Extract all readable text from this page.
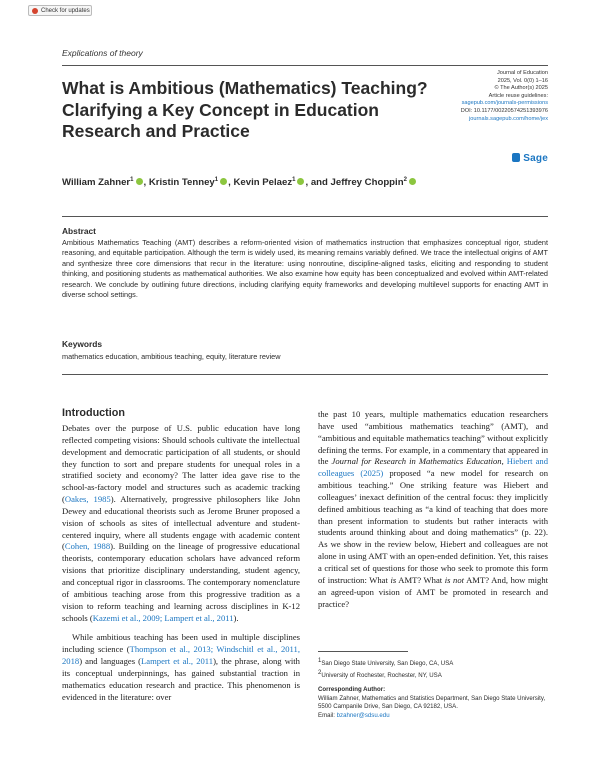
Check for updates
Explications of theory
What is Ambitious (Mathematics) Teaching? Clarifying a Key Concept in Education Research and Practice
Journal of Education
2025, Vol. 0(0) 1–16
© The Author(s) 2025
Article reuse guidelines:
sagepub.com/journals-permissions
DOI: 10.1177/00220574251393976
journals.sagepub.com/home/jex
Sage
William Zahner$^1$ , Kristin Tenney$^1$ , Kevin Pelaez$^1$ , and Jeffrey Choppin$^2$
Abstract
Ambitious Mathematics Teaching (AMT) describes a reform-oriented vision of mathematics instruction that emphasizes conceptual rigor, student reasoning, and equitable participation. Although the term is widely used, its meaning remains variably defined. We trace the intellectual origins of AMT and synthesize three core dimensions that recur in the literature: using nonroutine, discipline-aligned tasks, eliciting and responding to student thinking, and positioning students as mathematical authorities. We also examine how equity has been conceptualized and evolved within AMT-related research. We conclude by outlining future directions, including clarifying equity frameworks and developing multilevel supports for enacting AMT in diverse school settings.
Keywords
mathematics education, ambitious teaching, equity, literature review
Introduction

Debates over the purpose of U.S. public education have long reflected competing visions: Should schools cultivate the intellectual development and democratic participation of all students, or should they function to sort and prepare students for unequal roles in a stratified society and economy? The latter idea gave rise to the school-as-factory model and structures such as academic tracking (Oakes, 1985). Alternatively, progressive philosophers like John Dewey and educational theorists such as Jerome Bruner proposed a vision of schools as sites of intellectual adventure and student-centered inquiry, where all students engage with academic content (Cohen, 1988). Building on the lineage of progressive educational theorists, contemporary education scholars have advanced reform visions that prioritize disciplinary understanding, student agency, and conceptual rigor in classrooms. The contemporary nomenclature of ambitious teaching arose from this progressive tradition as a vision to reform teaching and learning across disciplines in K-12 schools (Kazemi et al., 2009; Lampert et al., 2011).

While ambitious teaching has been used in multiple disciplines including science (Thompson et al., 2013; Windschitl et al., 2011, 2018) and languages (Lampert et al., 2011), the phrase, along with its conceptual underpinnings, has gained substantial traction in mathematics education research and practice. This phenomenon is evidenced in the literature: over

the past 10 years, multiple mathematics education researchers have used “ambitious mathematics teaching” (AMT), and “ambitious and equitable mathematics teaching” without explicitly defining the terms. For example, in a commentary that appeared in the Journal for Research in Mathematics Education, Hiebert and colleagues (2025) proposed “a new model for research on ambitious teaching.” One striking feature was Hiebert and colleagues’ inexact definition of the central focus: they implicitly defined ambitious teaching as “a kind of teaching that does more than present information to students but rather interacts with students around thinking about and doing mathematics” (p. 22). As we show in the review below, Hiebert and colleagues are not alone in using AMT with an open-ended definition. Yet, this raises a critical set of questions for those who seek to promote this form of instruction: What is AMT? What is not AMT? And, how might an agreed-upon vision of AMT be promoted in research and practice?

$^1$San Diego State University, San Diego, CA, USA

$^2$University of Rochester, Rochester, NY, USA

Corresponding Author:

William Zahner, Mathematics and Statistics Department, San Diego State University, 5500 Campanile Drive, San Diego, CA 92182, USA.

Email: bzahner@sdsu.edu
